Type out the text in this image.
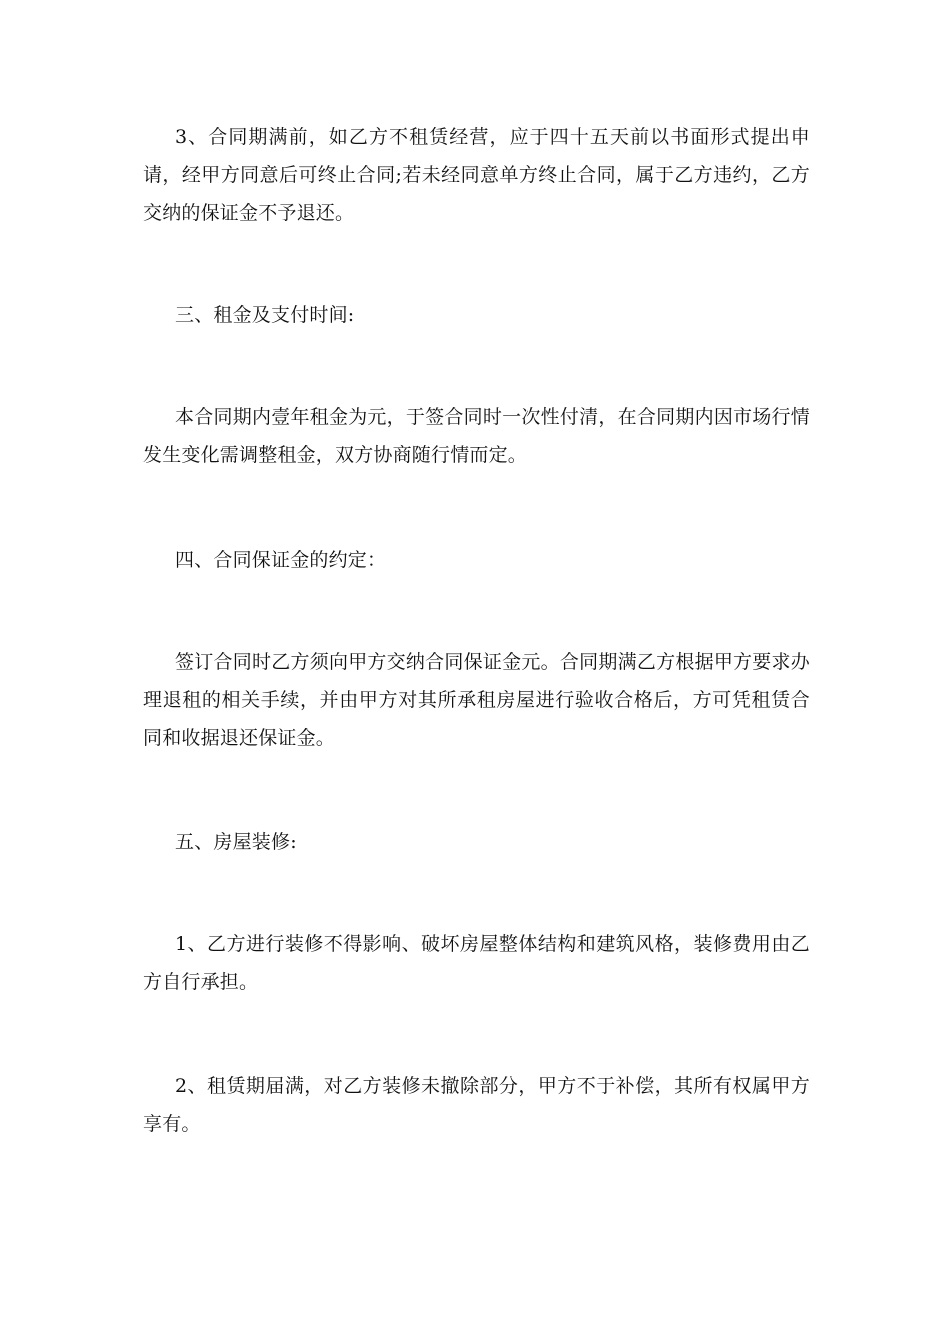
3、合同期满前，如乙方不租赁经营，应于四十五天前以书面形式提出申请，经甲方同意后可终止合同;若未经同意单方终止合同，属于乙方违约，乙方交纳的保证金不予退还。

三、租金及支付时间:

本合同期内壹年租金为元，于签合同时一次性付清，在合同期内因市场行情发生变化需调整租金，双方协商随行情而定。

四、合同保证金的约定：

签订合同时乙方须向甲方交纳合同保证金元。合同期满乙方根据甲方要求办理退租的相关手续，并由甲方对其所承租房屋进行验收合格后，方可凭租赁合同和收据退还保证金。

五、房屋装修:

1、乙方进行装修不得影响、破坏房屋整体结构和建筑风格，装修费用由乙方自行承担。

2、租赁期届满，对乙方装修未撤除部分，甲方不于补偿，其所有权属甲方享有。
